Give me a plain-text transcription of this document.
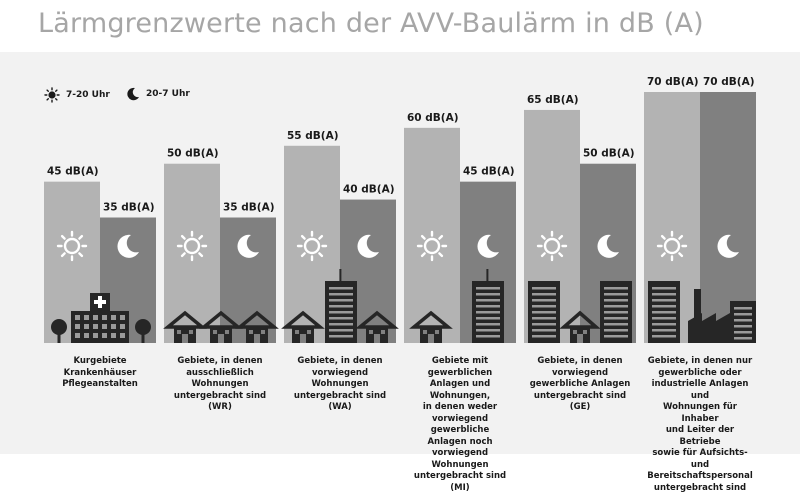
Lärmgrenzwerte nach der AVV-Baulärm in dB (A)
7-20 Uhr	20-7 Uhr
45 dB(A)
50 dB(A)
55 dB(A)
60 dB(A)
65 dB(A)
70 dB(A)
35 dB(A)	35 dB(A)
40 dB(A)
45 dB(A)
50 dB(A)
70 dB(A)
Kurgebiete
Krankenhäuser
Pflegeanstalten
Gebiete, in denen
ausschließlich
Wohnungen
untergebracht sind
(WR)
Gebiete, in denen
vorwiegend
Wohnungen
untergebracht sind
(WA)
Gebiete mit gewerblichen
Anlagen und Wohnungen,
in denen weder
vorwiegend gewerbliche
Anlagen noch
vorwiegend Wohnungen
untergebracht sind (MI)
Gebiete, in denen
vorwiegend
gewerbliche Anlagen
untergebracht sind
(GE)
Gebiete, in denen nur
gewerbliche oder
industrielle Anlagen und
Wohnungen für Inhaber
und Leiter der Betriebe
sowie für Aufsichts- und
Bereitschaftspersonal
untergebracht sind
